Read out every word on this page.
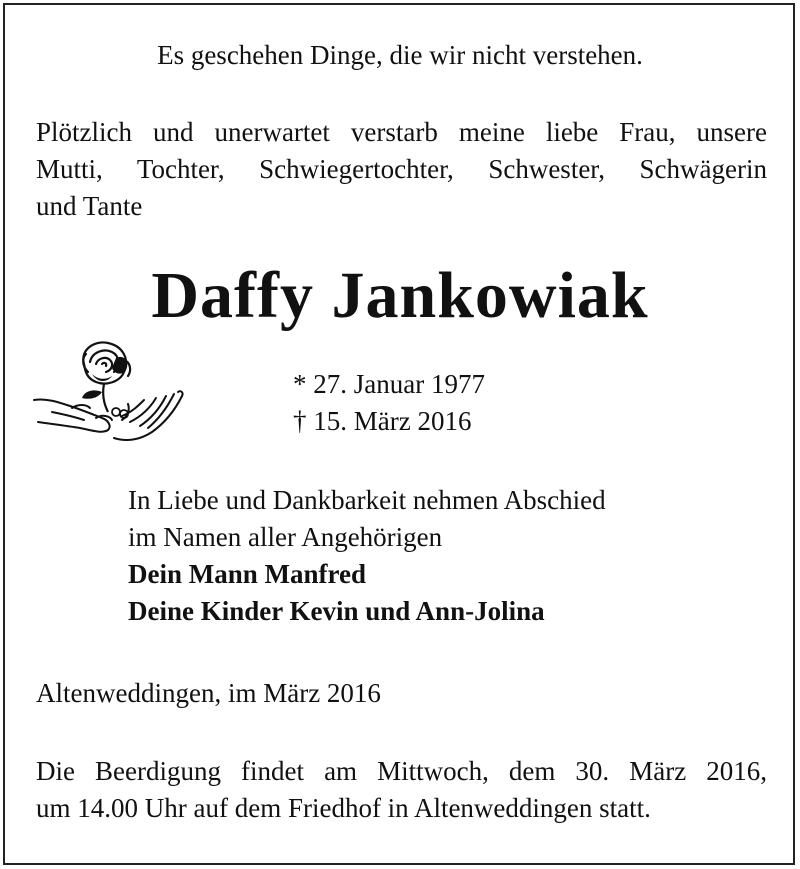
Es geschehen Dinge, die wir nicht verstehen.
Plötzlich und unerwartet verstarb meine liebe Frau, unsere
Mutti, Tochter, Schwiegertochter, Schwester, Schwägerin
und Tante
Daffy Jankowiak
* 27. Januar 1977
† 15. März 2016
In Liebe und Dankbarkeit nehmen Abschied
im Namen aller Angehörigen
Dein Mann Manfred
Deine Kinder Kevin und Ann-Jolina
Altenweddingen, im März 2016
Die Beerdigung findet am Mittwoch, dem 30. März 2016,
um 14.00 Uhr auf dem Friedhof in Altenweddingen statt.
